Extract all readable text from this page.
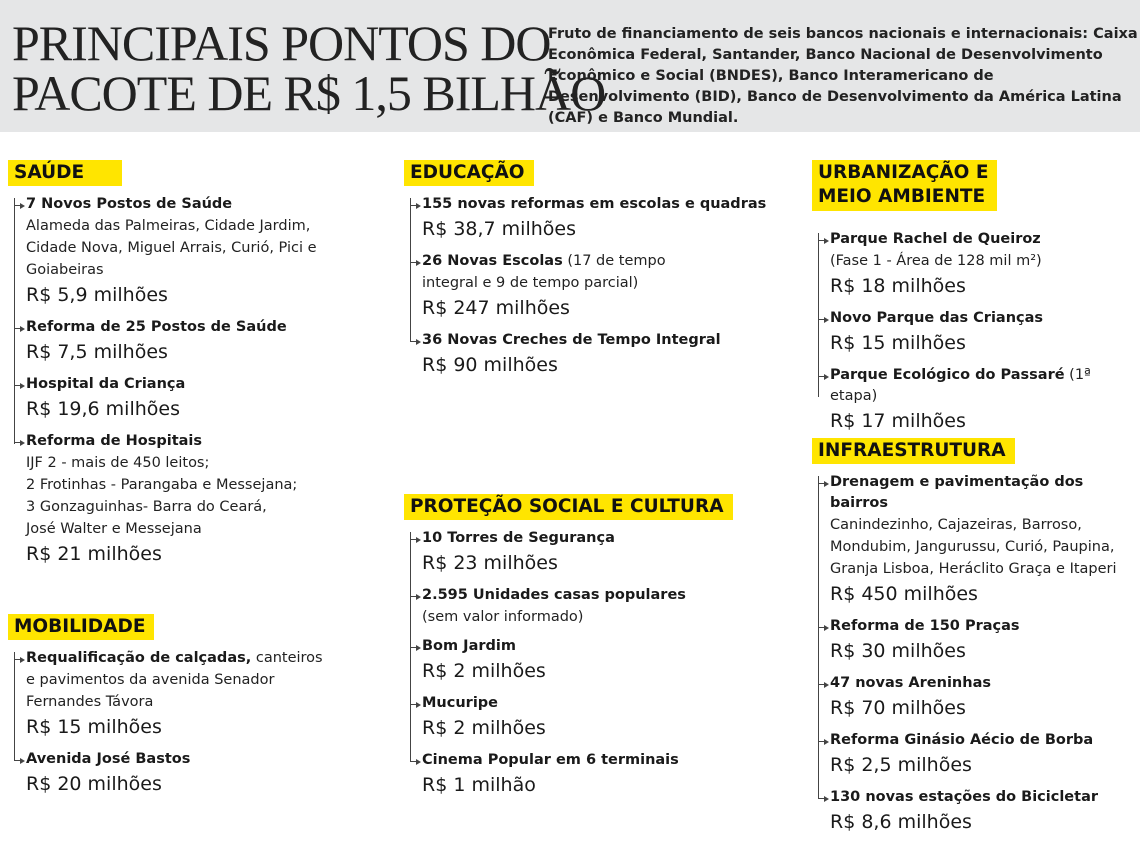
PRINCIPAIS PONTOS DO
PACOTE DE R$ 1,5 BILHÃO

Fruto de financiamento de seis bancos nacionais e internacionais: Caixa Econômica Federal, Santander, Banco Nacional de Desenvolvimento Econômico e Social (BNDES), Banco Interamericano de Desenvolvimento (BID), Banco de Desenvolvimento da América Latina (CAF) e Banco Mundial.

SAÚDE
7 Novos Postos de Saúde
Alameda das Palmeiras, Cidade Jardim,
Cidade Nova, Miguel Arrais, Curió, Pici e
Goiabeiras
R$ 5,9 milhões
Reforma de 25 Postos de Saúde
R$ 7,5 milhões
Hospital da Criança
R$ 19,6 milhões
Reforma de Hospitais
IJF 2 - mais de 450 leitos;
2 Frotinhas - Parangaba e Messejana;
3 Gonzaguinhas- Barra do Ceará,
José Walter e Messejana
R$ 21 milhões
MOBILIDADE
Requalificação de calçadas, canteiros
e pavimentos da avenida Senador
Fernandes Távora
R$ 15 milhões
Avenida José Bastos
R$ 20 milhões
EDUCAÇÃO
155 novas reformas em escolas e quadras
R$ 38,7 milhões
26 Novas Escolas (17 de tempo
integral e 9 de tempo parcial)
R$ 247 milhões
36 Novas Creches de Tempo Integral
R$ 90 milhões
PROTEÇÃO SOCIAL E CULTURA
10 Torres de Segurança
R$ 23 milhões
2.595 Unidades casas populares
(sem valor informado)
Bom Jardim
R$ 2 milhões
Mucuripe
R$ 2 milhões
Cinema Popular em 6 terminais
R$ 1 milhão
URBANIZAÇÃO E
MEIO AMBIENTE
Parque Rachel de Queiroz
(Fase 1 - Área de 128 mil m²)
R$ 18 milhões
Novo Parque das Crianças
R$ 15 milhões
Parque Ecológico do Passaré (1ª etapa)
R$ 17 milhões
INFRAESTRUTURA
Drenagem e pavimentação dos bairros
Canindezinho, Cajazeiras, Barroso,
Mondubim, Jangurussu, Curió, Paupina,
Granja Lisboa, Heráclito Graça e Itaperi
R$ 450 milhões
Reforma de 150 Praças
R$ 30 milhões
47 novas Areninhas
R$ 70 milhões
Reforma Ginásio Aécio de Borba
R$ 2,5 milhões
130 novas estações do Bicicletar
R$ 8,6 milhões
